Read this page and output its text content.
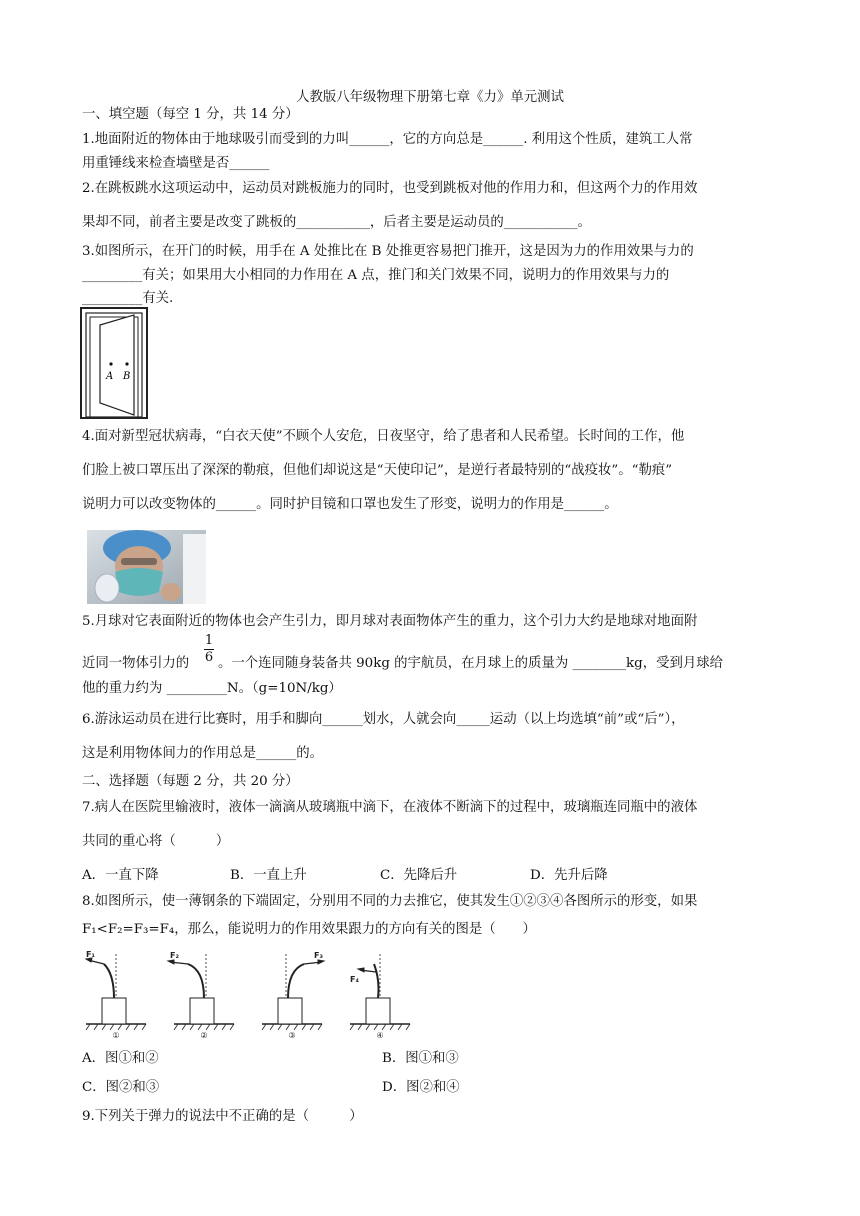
人教版八年级物理下册第七章《力》单元测试
一、填空题（每空 1 分，共 14 分）
1.地面附近的物体由于地球吸引而受到的力叫______，它的方向总是______. 利用这个性质，建筑工人常
用重锤线来检查墙壁是否______
2.在跳板跳水这项运动中，运动员对跳板施力的同时，也受到跳板对他的作用力和，但这两个力的作用效
果却不同，前者主要是改变了跳板的___________，后者主要是运动员的___________。
3.如图所示，在开门的时候，用手在 A 处推比在 B 处推更容易把门推开，这是因为力的作用效果与力的
_________有关；如果用大小相同的力作用在 A 点，推门和关门效果不同，说明力的作用效果与力的
_________有关.
A B
4.面对新型冠状病毒，“白衣天使”不顾个人安危，日夜坚守，给了患者和人民希望。长时间的工作，他
们脸上被口罩压出了深深的勒痕，但他们却说这是“天使印记”，是逆行者最特别的“战疫妆”。“勒痕”
说明力可以改变物体的______。同时护目镜和口罩也发生了形变，说明力的作用是______。
5.月球对它表面附近的物体也会产生引力，即月球对表面物体产生的重力，这个引力大约是地球对地面附
1
6
近同一物体引力的 。一个连同随身装备共 90kg 的宇航员，在月球上的质量为 ________kg，受到月球给
他的重力约为 _________N。（g=10N/kg）
6.游泳运动员在进行比赛时，用手和脚向______划水，人就会向_____运动（以上均选填“前”或“后”），
这是利用物体间力的作用总是______的。
二、选择题（每题 2 分，共 20 分）
7.病人在医院里输液时，液体一滴滴从玻璃瓶中滴下，在液体不断滴下的过程中，玻璃瓶连同瓶中的液体
共同的重心将（　　　）
A．一直下降	B．一直上升	C．先降后升	D．先升后降
8.如图所示，使一薄钢条的下端固定，分别用不同的力去推它，使其发生①②③④各图所示的形变，如果
F₁<F₂=F₃=F₄，那么，能说明力的作用效果跟力的方向有关的图是（　　）
F₁
①
F₂
②
F₃
③
F₄
④
A．图①和②	B．图①和③
C．图②和③	D．图②和④
9.下列关于弹力的说法中不正确的是（　　　）
